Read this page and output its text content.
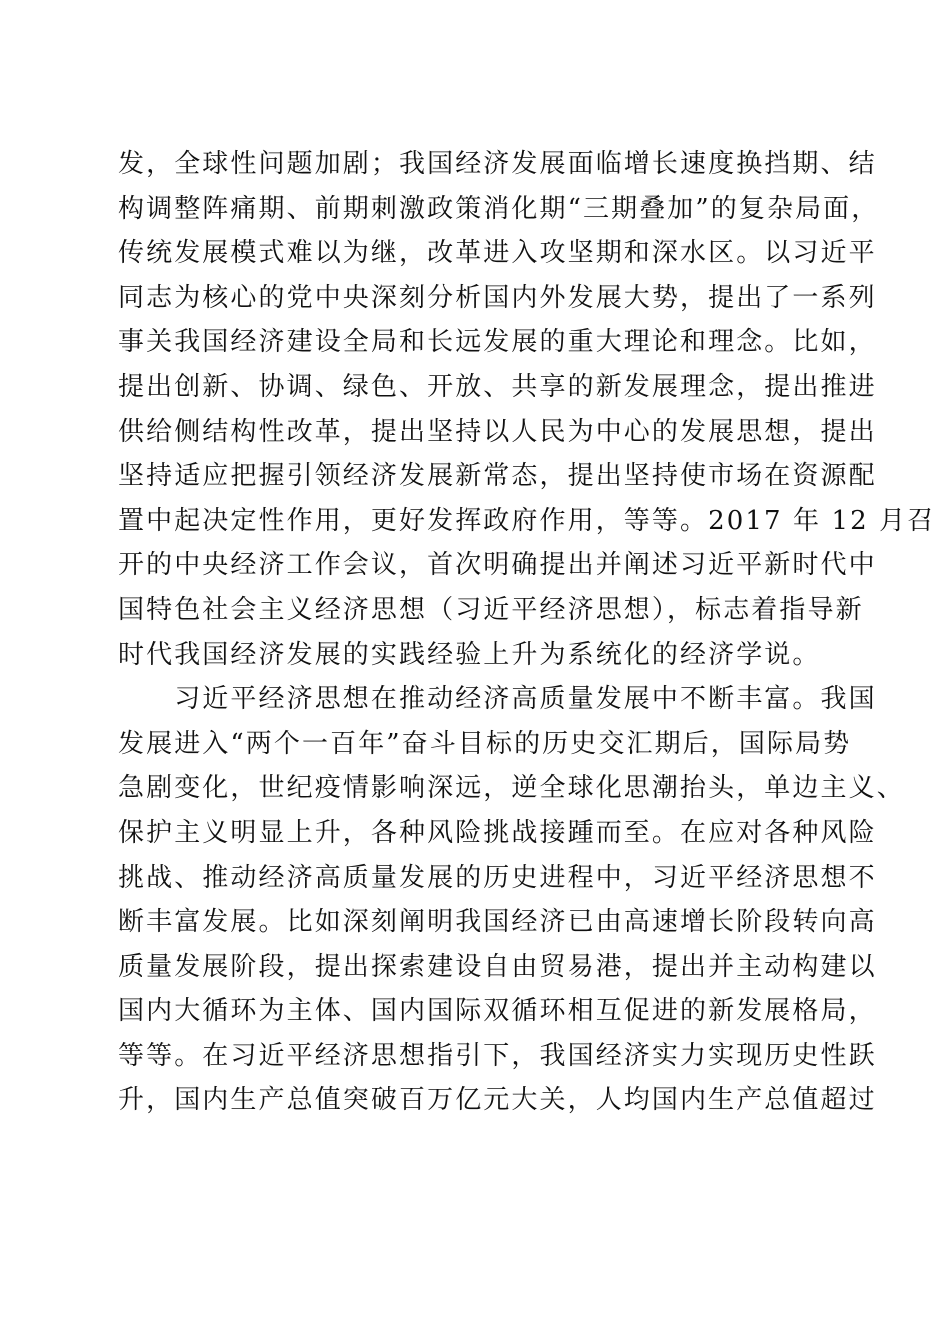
发，全球性问题加剧；我国经济发展面临增长速度换挡期、结
构调整阵痛期、前期刺激政策消化期“三期叠加”的复杂局面，
传统发展模式难以为继，改革进入攻坚期和深水区。以习近平
同志为核心的党中央深刻分析国内外发展大势，提出了一系列
事关我国经济建设全局和长远发展的重大理论和理念。比如，
提出创新、协调、绿色、开放、共享的新发展理念，提出推进
供给侧结构性改革，提出坚持以人民为中心的发展思想，提出
坚持适应把握引领经济发展新常态，提出坚持使市场在资源配
置中起决定性作用，更好发挥政府作用，等等。2017 年 12 月召
开的中央经济工作会议，首次明确提出并阐述习近平新时代中
国特色社会主义经济思想（习近平经济思想），标志着指导新
时代我国经济发展的实践经验上升为系统化的经济学说。
　　习近平经济思想在推动经济高质量发展中不断丰富。我国
发展进入“两个一百年”奋斗目标的历史交汇期后，国际局势
急剧变化，世纪疫情影响深远，逆全球化思潮抬头，单边主义、
保护主义明显上升，各种风险挑战接踵而至。在应对各种风险
挑战、推动经济高质量发展的历史进程中，习近平经济思想不
断丰富发展。比如深刻阐明我国经济已由高速增长阶段转向高
质量发展阶段，提出探索建设自由贸易港，提出并主动构建以
国内大循环为主体、国内国际双循环相互促进的新发展格局，
等等。在习近平经济思想指引下，我国经济实力实现历史性跃
升，国内生产总值突破百万亿元大关，人均国内生产总值超过
